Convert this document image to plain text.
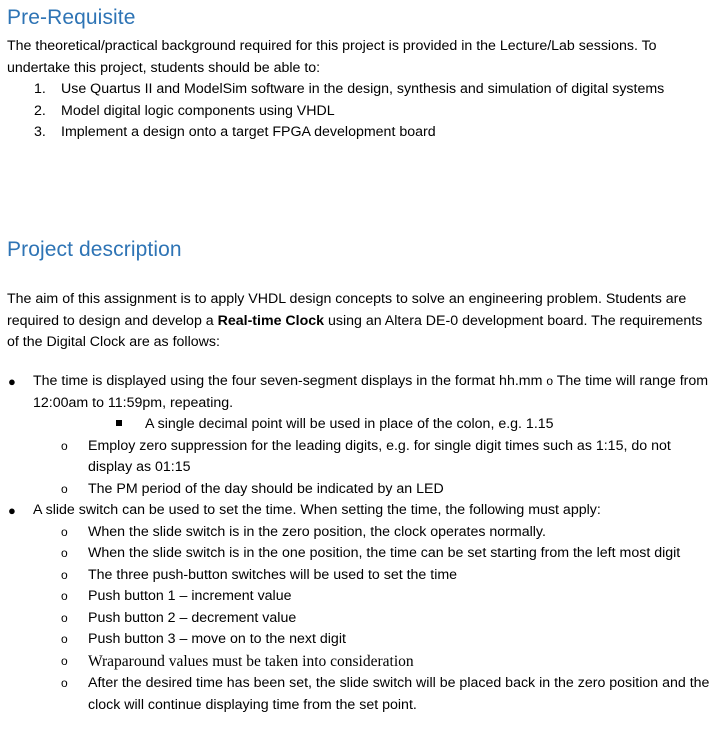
Pre-Requisite

The theoretical/practical background required for this project is provided in the Lecture/Lab sessions. To undertake this project, students should be able to:

1. Use Quartus II and ModelSim software in the design, synthesis and simulation of digital systems
2. Model digital logic components using VHDL
3. Implement a design onto a target FPGA development board
Project description

The aim of this assignment is to apply VHDL design concepts to solve an engineering problem. Students are required to design and develop a Real-time Clock using an Altera DE-0 development board. The requirements of the Digital Clock are as follows:

● The time is displayed using the four seven-segment displays in the format hh.mm o The time will range from 12:00am to 11:59pm, repeating.
A single decimal point will be used in place of the colon, e.g. 1.15
o Employ zero suppression for the leading digits, e.g. for single digit times such as 1:15, do not display as 01:15
o The PM period of the day should be indicated by an LED
● A slide switch can be used to set the time. When setting the time, the following must apply:
o When the slide switch is in the zero position, the clock operates normally.
o When the slide switch is in the one position, the time can be set starting from the left most digit
o The three push-button switches will be used to set the time
o Push button 1 – increment value
o Push button 2 – decrement value
o Push button 3 – move on to the next digit
o Wraparound values must be taken into consideration
o After the desired time has been set, the slide switch will be placed back in the zero position and the clock will continue displaying time from the set point.
